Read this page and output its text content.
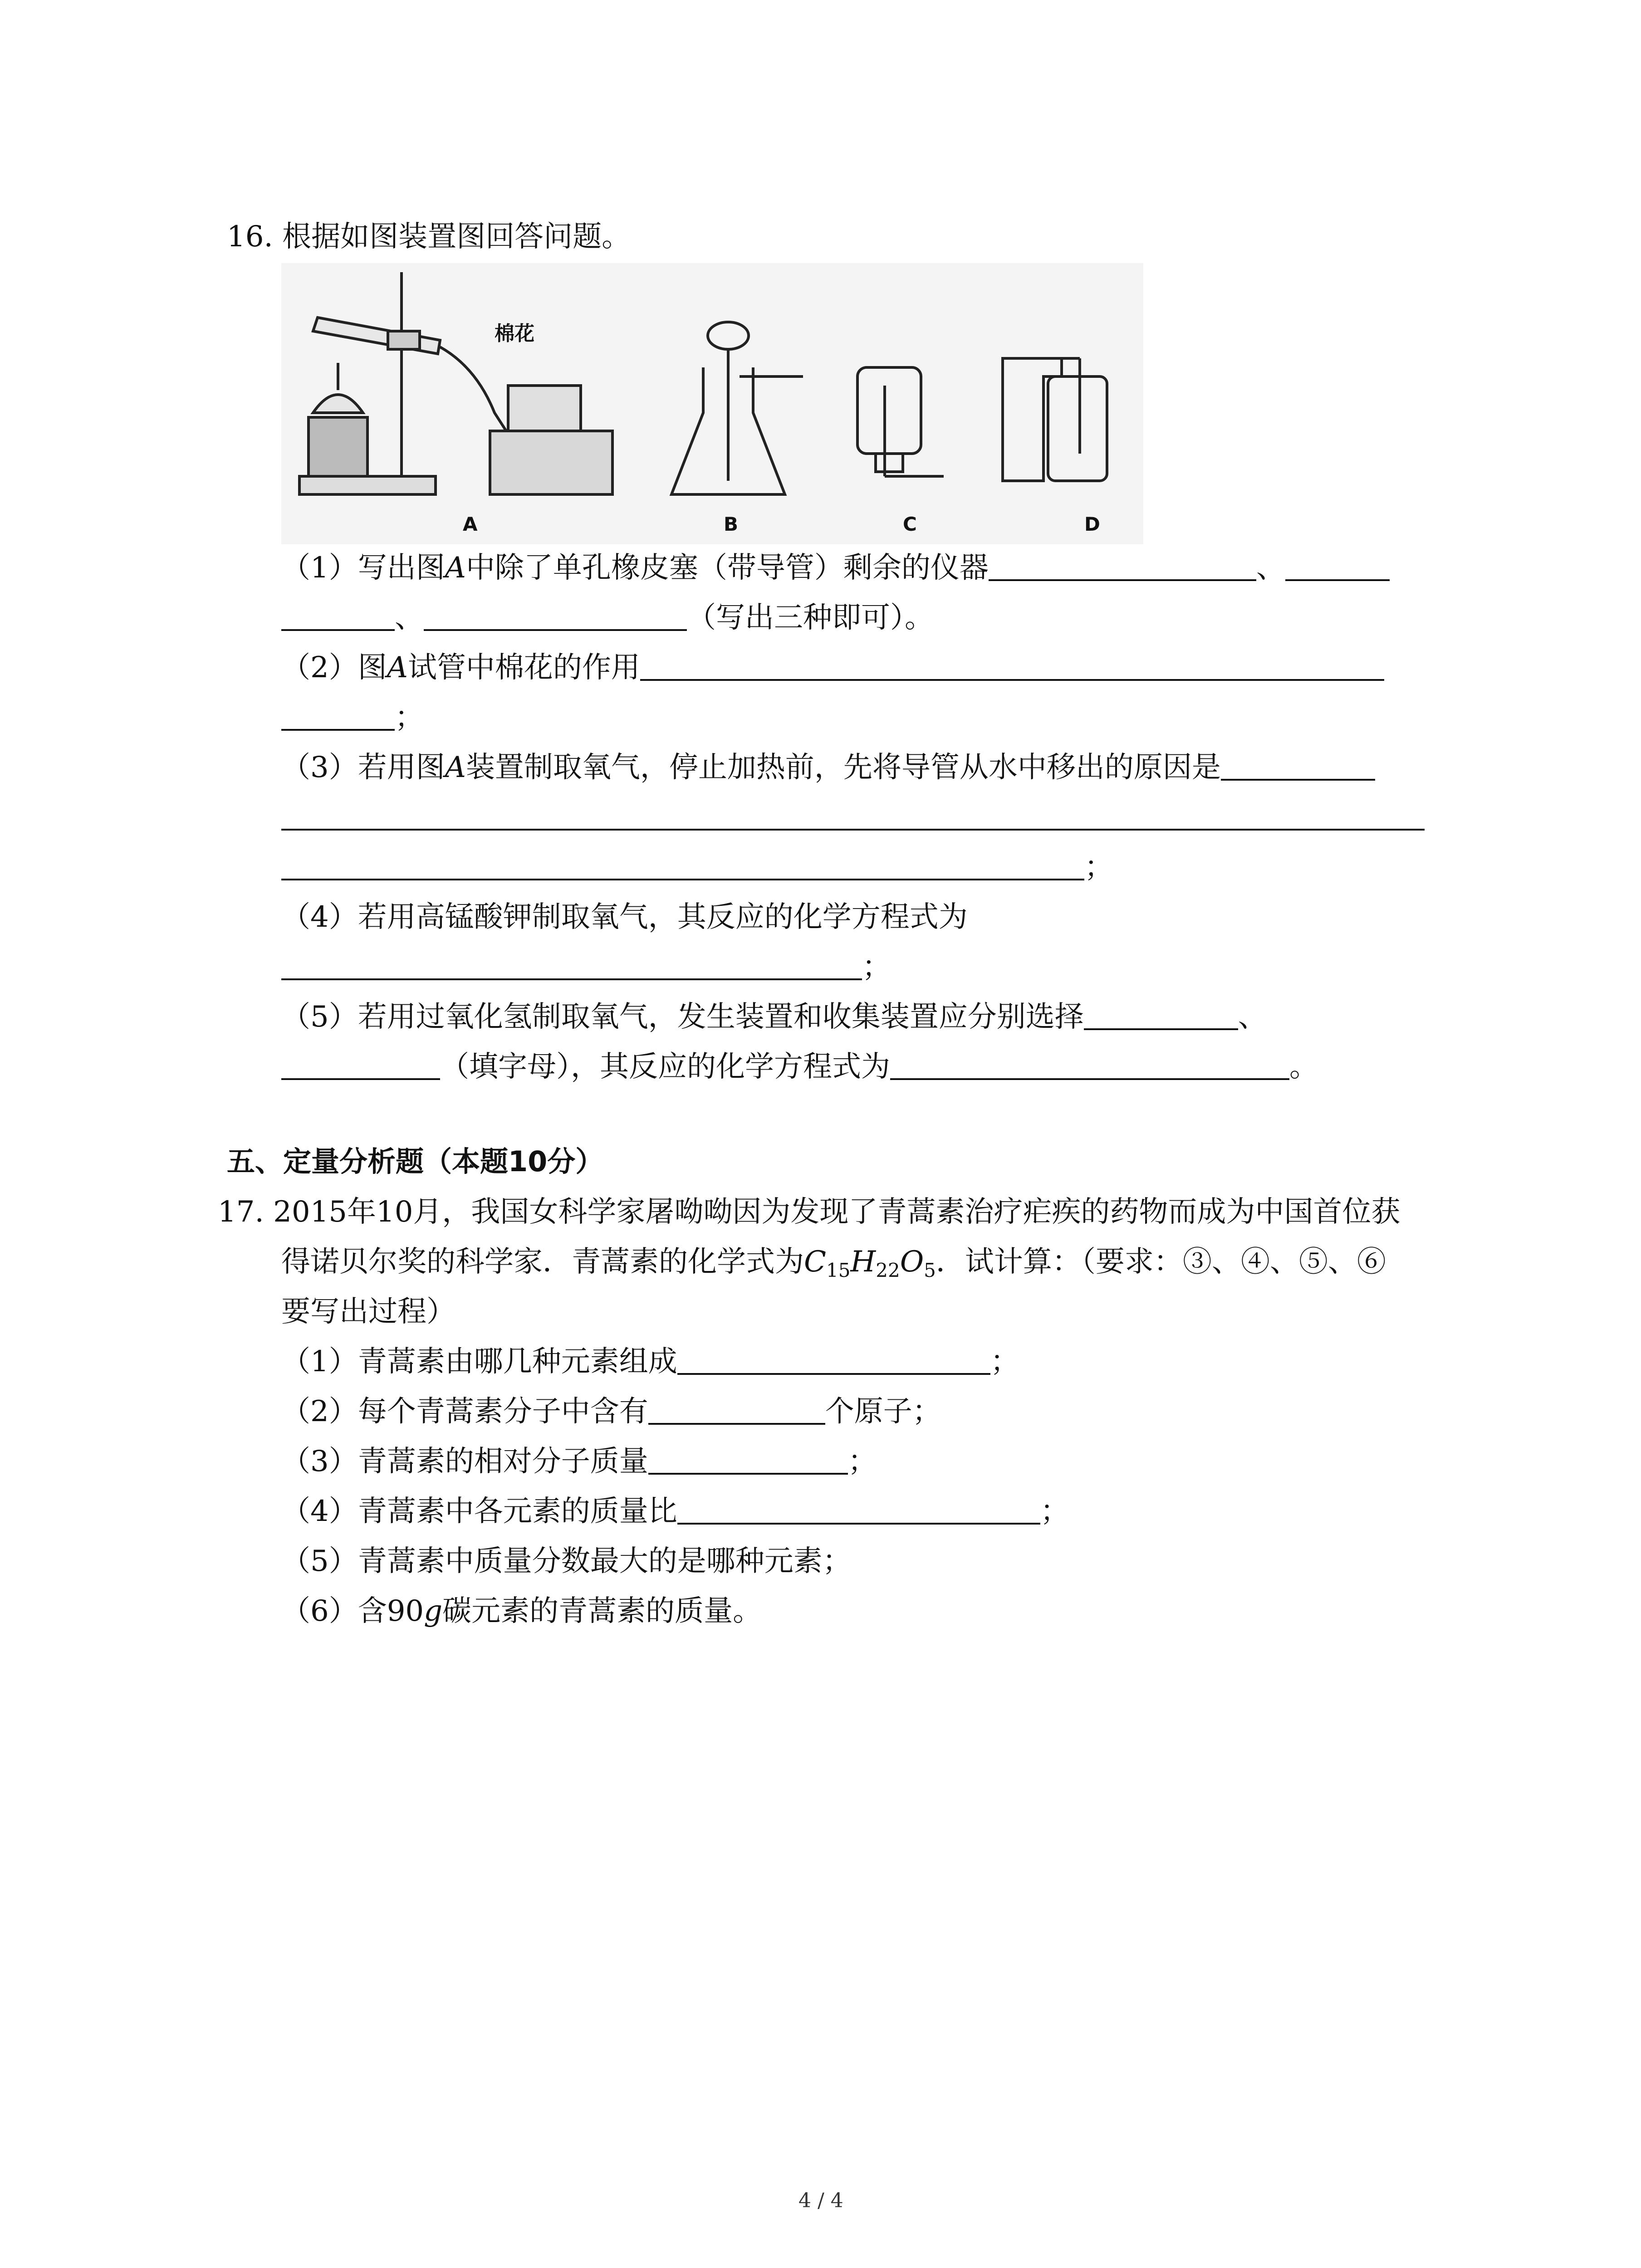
16. 根据如图装置图回答问题。
棉花
A	B	C	D
（1）写出图A中除了单孔橡皮塞（带导管）剩余的仪器	、
、	（写出三种即可）。
（2）图A试管中棉花的作用
；
（3）若用图A装置制取氧气，停止加热前，先将导管从水中移出的原因是
；
（4）若用高锰酸钾制取氧气，其反应的化学方程式为
；
（5）若用过氧化氢制取氧气，发生装置和收集装置应分别选择	、
（填字母），其反应的化学方程式为	。
五、定量分析题（本题10分）
17. 2015年10月，我国女科学家屠呦呦因为发现了青蒿素治疗疟疾的药物而成为中国首位获
得诺贝尔奖的科学家．青蒿素的化学式为$C_{15}H_{22}O_5$．试计算：（要求：③、④、⑤、⑥
要写出过程）
（1）青蒿素由哪几种元素组成	；
（2）每个青蒿素分子中含有	个原子；
（3）青蒿素的相对分子质量	；
（4）青蒿素中各元素的质量比	；
（5）青蒿素中质量分数最大的是哪种元素；
（6）含90g碳元素的青蒿素的质量。
4 / 4
